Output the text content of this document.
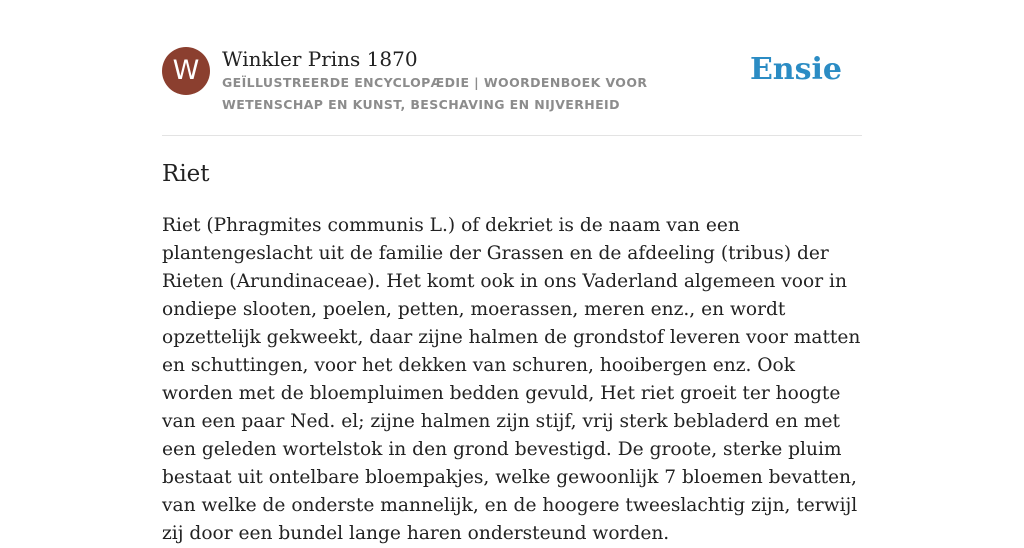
W	Winkler Prins 1870
GEÏLLUSTREERDE ENCYCLOPÆDIE | WOORDENBOEK VOOR WETENSCHAP EN KUNST, BESCHAVING EN NIJVERHEID
Ensie
Riet

Riet (Phragmites communis L.) of dekriet is de naam van een plantengeslacht uit de familie der Grassen en de afdeeling (tribus) der Rieten (Arundinaceae). Het komt ook in ons Vaderland algemeen voor in ondiepe slooten, poelen, petten, moerassen, meren enz., en wordt opzettelijk gekweekt, daar zijne halmen de grondstof leveren voor matten en schuttingen, voor het dekken van schuren, hooibergen enz. Ook worden met de bloempluimen bedden gevuld, Het riet groeit ter hoogte van een paar Ned. el; zijne halmen zijn stijf, vrij sterk bebladerd en met een geleden wortelstok in den grond bevestigd. De groote, sterke pluim bestaat uit ontelbare bloempakjes, welke gewoonlijk 7 bloemen bevatten, van welke de onderste mannelijk, en de hoogere tweeslachtig zijn, terwijl zij door een bundel lange haren ondersteund worden.
